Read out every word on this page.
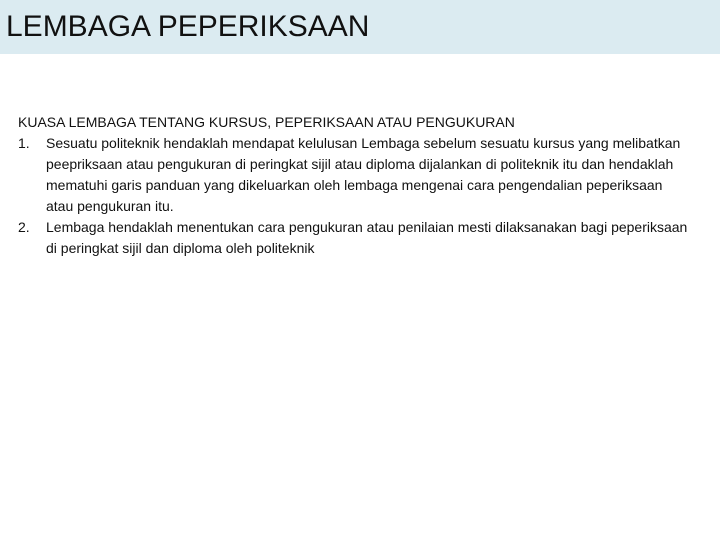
LEMBAGA PEPERIKSAAN

KUASA LEMBAGA TENTANG KURSUS, PEPERIKSAAN ATAU PENGUKURAN

1.	Sesuatu politeknik hendaklah mendapat kelulusan Lembaga sebelum sesuatu kursus yang melibatkan peepriksaan atau pengukuran di peringkat sijil atau diploma dijalankan di politeknik itu dan hendaklah mematuhi garis panduan yang dikeluarkan oleh lembaga mengenai cara pengendalian peperiksaan atau pengukuran itu.
2.	Lembaga hendaklah menentukan cara pengukuran atau penilaian mesti dilaksanakan bagi peperiksaan di peringkat sijil dan diploma oleh politeknik
